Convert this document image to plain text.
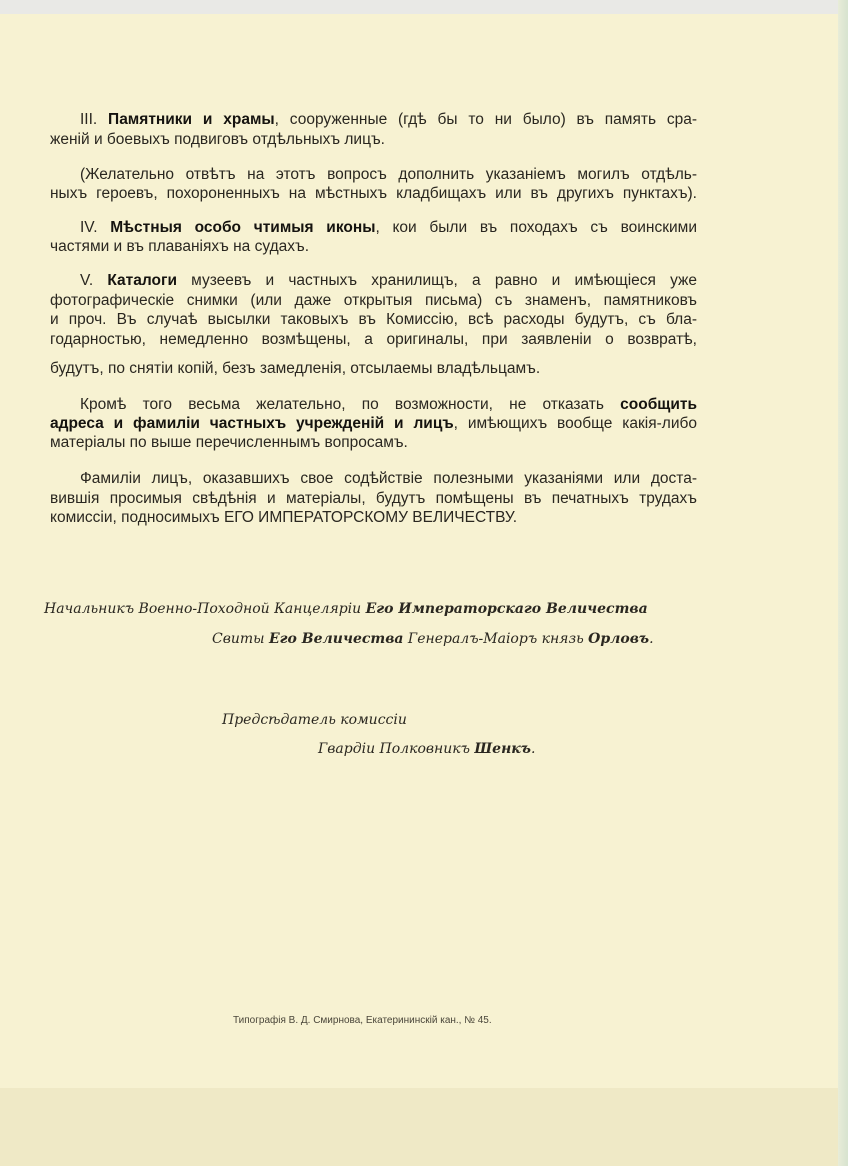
III. Памятники и храмы, сооруженные (гдѣ бы то ни было) въ память сра-
женій и боевыхъ подвиговъ отдѣльныхъ лицъ.
(Желательно отвѣтъ на этотъ вопросъ дополнить указаніемъ могилъ отдѣль-
ныхъ героевъ, похороненныхъ на мѣстныхъ кладбищахъ или въ другихъ пунктахъ).
IV. Мѣстныя особо чтимыя иконы, кои были въ походахъ съ воинскими
частями и въ плаваніяхъ на судахъ.
V. Каталоги музеевъ и частныхъ хранилищъ, а равно и имѣющіеся уже
фотографическіе снимки (или даже открытыя письма) съ знаменъ, памятниковъ
и проч. Въ случаѣ высылки таковыхъ въ Комиссію, всѣ расходы будутъ, съ бла-
годарностью, немедленно возмѣщены, а оригиналы, при заявленіи о возвратѣ,
будутъ, по снятіи копій, безъ замедленія, отсылаемы владѣльцамъ.
Кромѣ того весьма желательно, по возможности, не отказать сообщить
адреса и фамиліи частныхъ учрежденій и лицъ, имѣющихъ вообще какія-либо
матеріалы по выше перечисленнымъ вопросамъ.
Фамиліи лицъ, оказавшихъ свое содѣйствіе полезными указаніями или доста-
вившія просимыя свѣдѣнія и матеріалы, будутъ помѣщены въ печатныхъ трудахъ
комиссіи, подносимыхъ ЕГО ИМПЕРАТОРСКОМУ ВЕЛИЧЕСТВУ.
Начальникъ Военно-Походной Канцеляріи Его Императорскаго Величества
Свиты Его Величества Генералъ-Маіоръ князь Орловъ.
Предсѣдатель комиссіи
Гвардіи Полковникъ Шенкъ.
Типографія В. Д. Смирнова, Екатерининскій кан., № 45.
